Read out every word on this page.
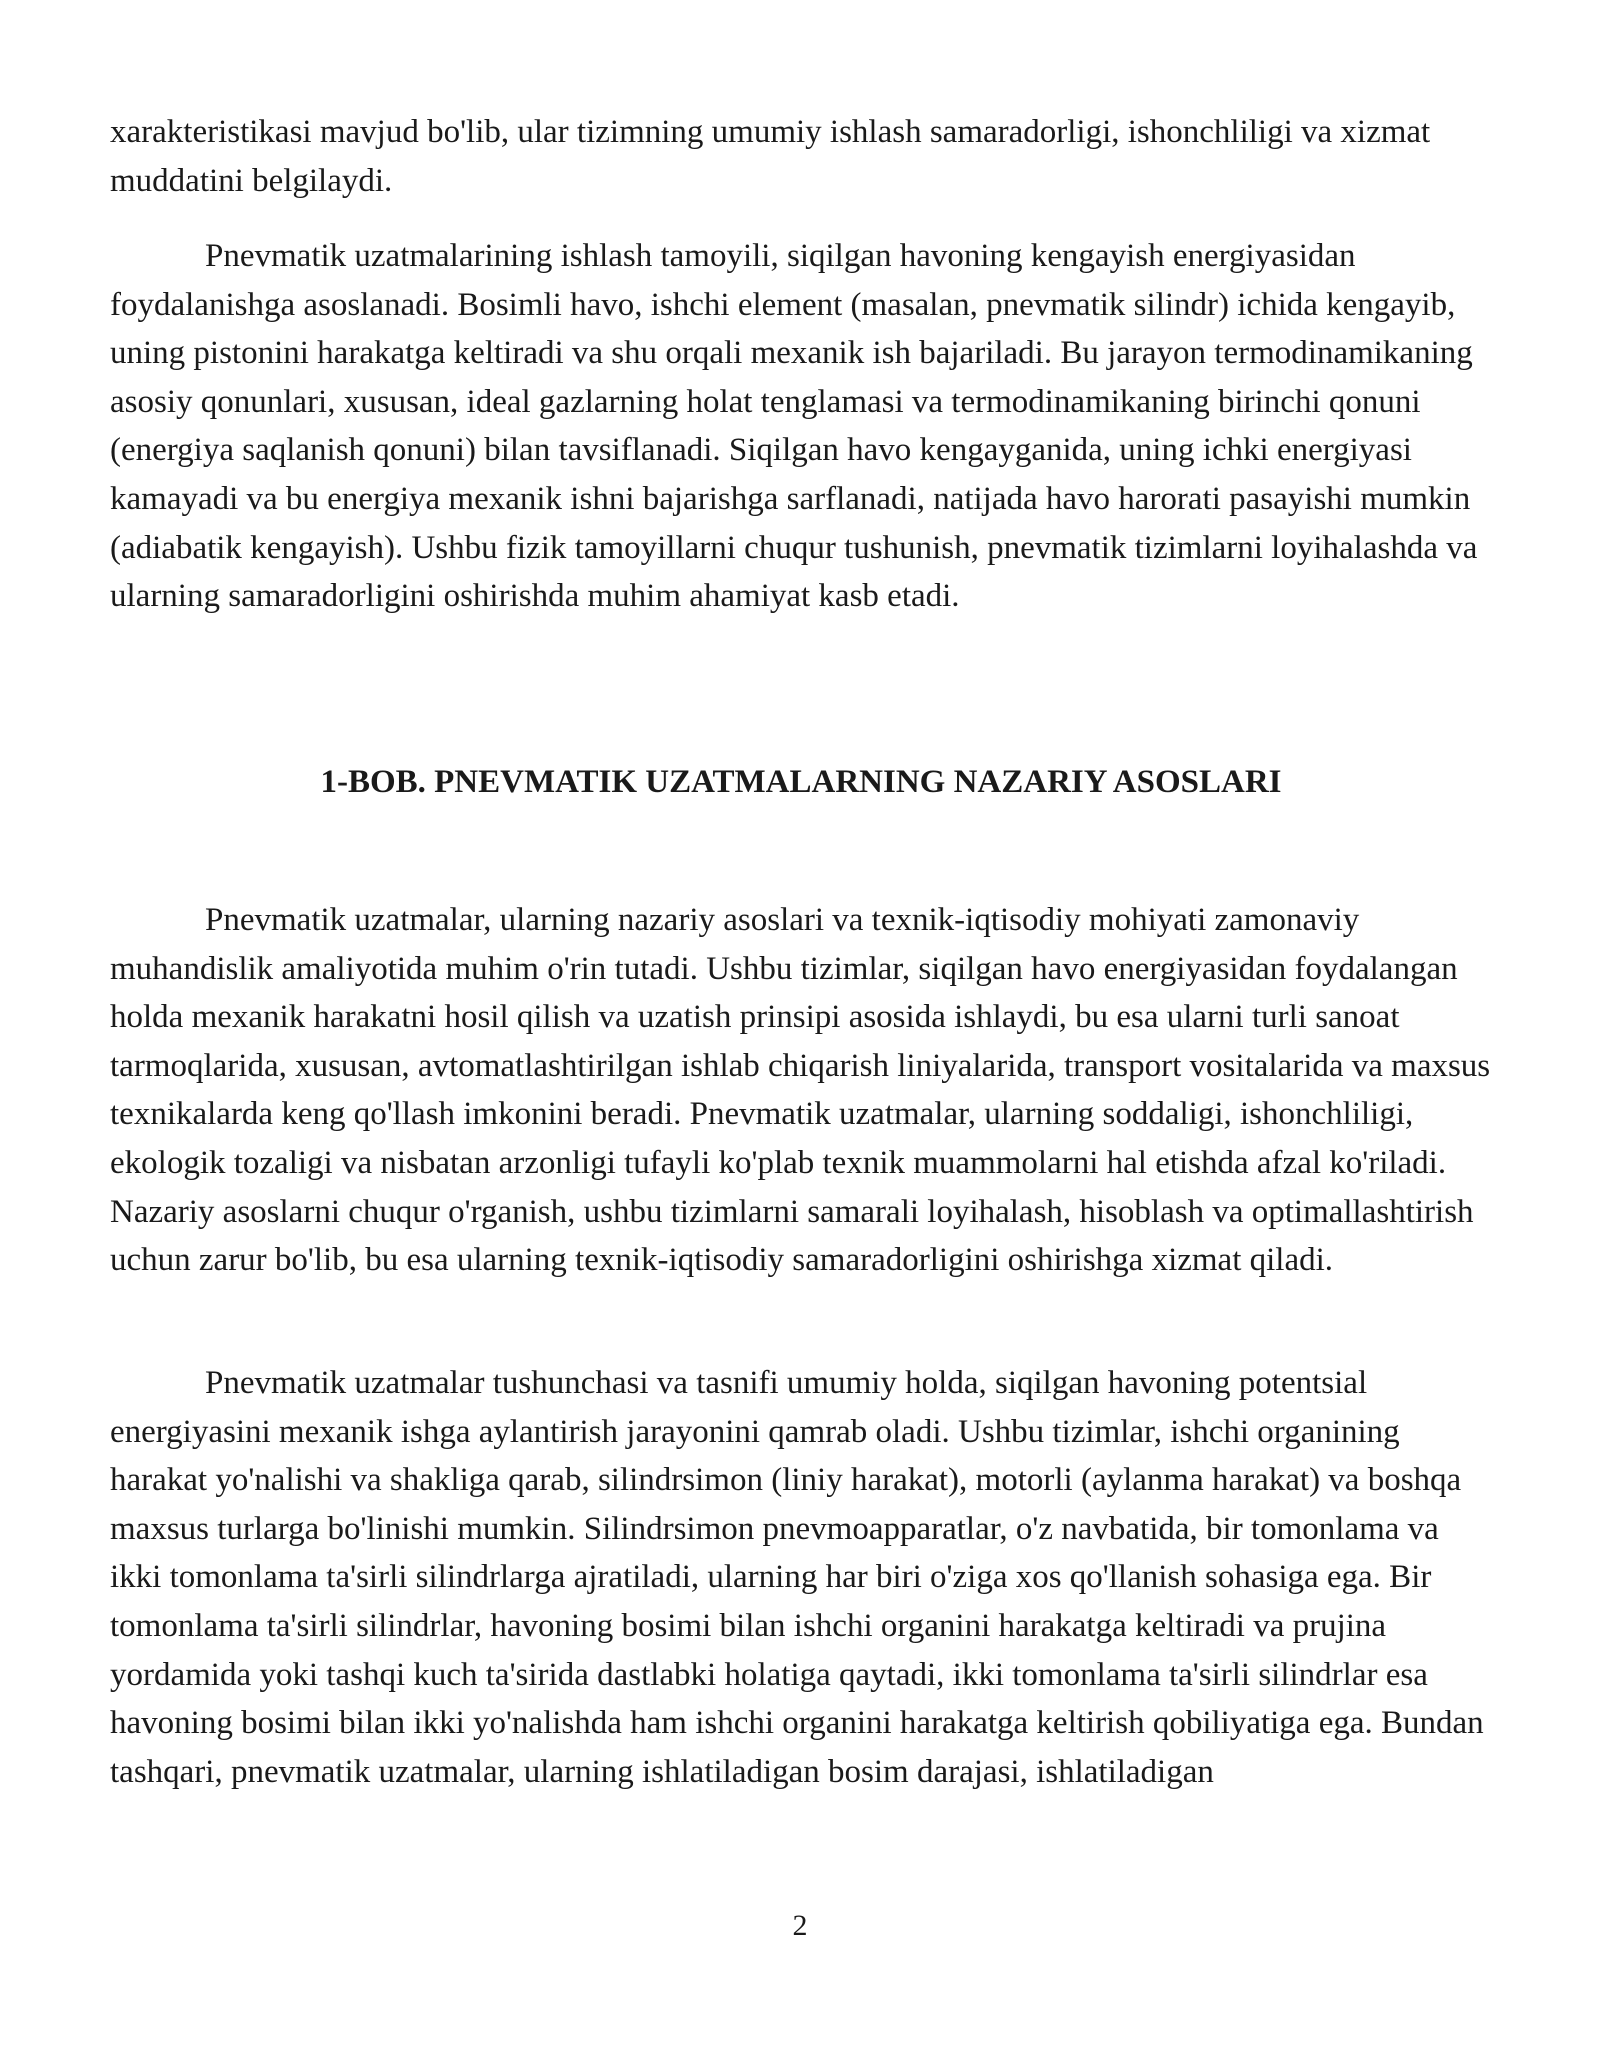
xarakteristikasi mavjud bo'lib, ular tizimning umumiy ishlash samaradorligi, ishonchliligi va xizmat muddatini belgilaydi.

Pnevmatik uzatmalarining ishlash tamoyili, siqilgan havoning kengayish energiyasidan foydalanishga asoslanadi. Bosimli havo, ishchi element (masalan, pnevmatik silindr) ichida kengayib, uning pistonini harakatga keltiradi va shu orqali mexanik ish bajariladi. Bu jarayon termodinamikaning asosiy qonunlari, xususan, ideal gazlarning holat tenglamasi va termodinamikaning birinchi qonuni (energiya saqlanish qonuni) bilan tavsiflanadi. Siqilgan havo kengayganida, uning ichki energiyasi kamayadi va bu energiya mexanik ishni bajarishga sarflanadi, natijada havo harorati pasayishi mumkin (adiabatik kengayish). Ushbu fizik tamoyillarni chuqur tushunish, pnevmatik tizimlarni loyihalashda va ularning samaradorligini oshirishda muhim ahamiyat kasb etadi.

1-BOB. PNEVMATIK UZATMALARNING NAZARIY ASOSLARI

Pnevmatik uzatmalar, ularning nazariy asoslari va texnik-iqtisodiy mohiyati zamonaviy muhandislik amaliyotida muhim o'rin tutadi. Ushbu tizimlar, siqilgan havo energiyasidan foydalangan holda mexanik harakatni hosil qilish va uzatish prinsipi asosida ishlaydi, bu esa ularni turli sanoat tarmoqlarida, xususan, avtomatlashtirilgan ishlab chiqarish liniyalarida, transport vositalarida va maxsus texnikalarda keng qo'llash imkonini beradi. Pnevmatik uzatmalar, ularning soddaligi, ishonchliligi, ekologik tozaligi va nisbatan arzonligi tufayli ko'plab texnik muammolarni hal etishda afzal ko'riladi. Nazariy asoslarni chuqur o'rganish, ushbu tizimlarni samarali loyihalash, hisoblash va optimallashtirish uchun zarur bo'lib, bu esa ularning texnik-iqtisodiy samaradorligini oshirishga xizmat qiladi.

Pnevmatik uzatmalar tushunchasi va tasnifi umumiy holda, siqilgan havoning potentsial energiyasini mexanik ishga aylantirish jarayonini qamrab oladi. Ushbu tizimlar, ishchi organining harakat yo'nalishi va shakliga qarab, silindrsimon (liniy harakat), motorli (aylanma harakat) va boshqa maxsus turlarga bo'linishi mumkin. Silindrsimon pnevmoapparatlar, o'z navbatida, bir tomonlama va ikki tomonlama ta'sirli silindrlarga ajratiladi, ularning har biri o'ziga xos qo'llanish sohasiga ega. Bir tomonlama ta'sirli silindrlar, havoning bosimi bilan ishchi organini harakatga keltiradi va prujina yordamida yoki tashqi kuch ta'sirida dastlabki holatiga qaytadi, ikki tomonlama ta'sirli silindrlar esa havoning bosimi bilan ikki yo'nalishda ham ishchi organini harakatga keltirish qobiliyatiga ega. Bundan tashqari, pnevmatik uzatmalar, ularning ishlatiladigan bosim darajasi, ishlatiladigan

2
